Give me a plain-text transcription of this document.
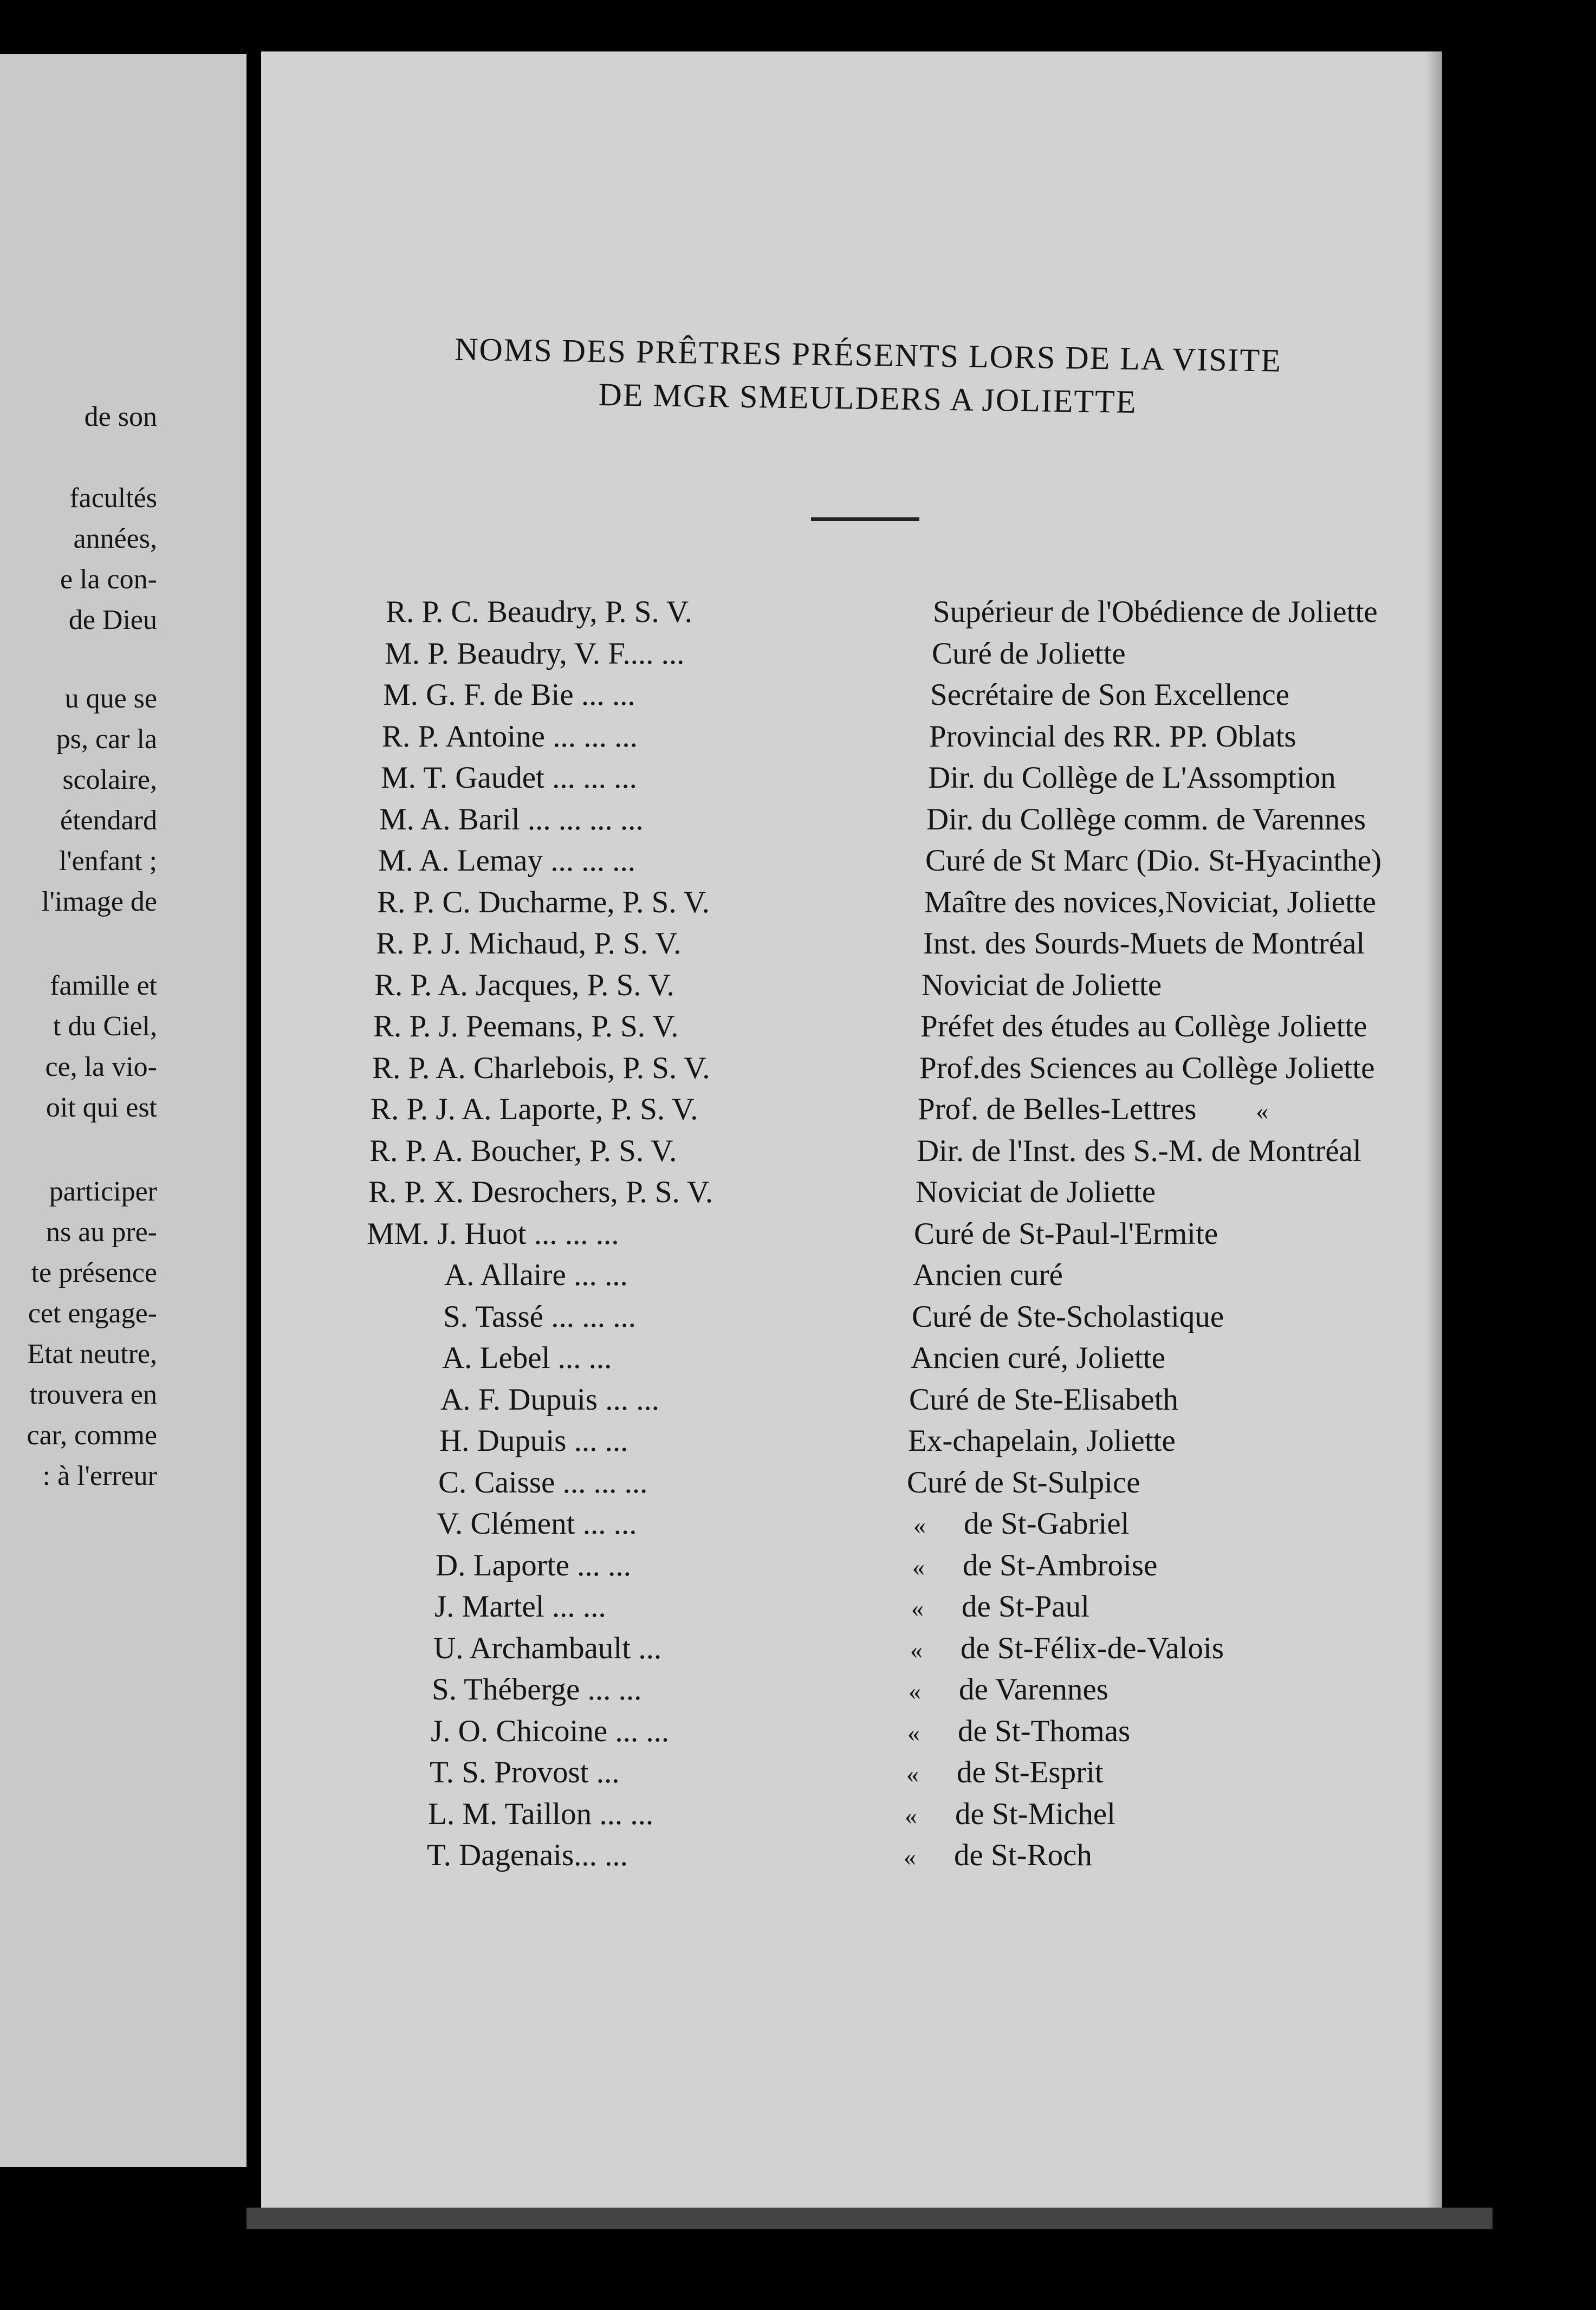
de son
facultés
années,
e la con-
de Dieu
u que se
ps, car la
scolaire,
étendard
l'enfant ;
l'image de
famille et
t du Ciel,
ce, la vio-
oit qui est
participer
ns au pre-
te présence
cet engage-
Etat neutre,
trouvera en
car, comme
: à l'erreur
NOMS DES PRÊTRES PRÉSENTS LORS DE LA VISITE
DE MGR SMEULDERS A JOLIETTE
R. P. C. Beaudry, P. S. V.	Supérieur de l'Obédience de Joliette
M. P. Beaudry, V. F.... ...	Curé de Joliette
M. G. F. de Bie ... ...	Secrétaire de Son Excellence
R. P. Antoine ... ... ...	Provincial des RR. PP. Oblats
M. T. Gaudet ... ... ...	Dir. du Collège de L'Assomption
M. A. Baril ... ... ... ...	Dir. du Collège comm. de Varennes
M. A. Lemay ... ... ...	Curé de St Marc (Dio. St-Hyacinthe)
R. P. C. Ducharme, P. S. V.	Maître des novices,Noviciat, Joliette
R. P. J. Michaud, P. S. V.	Inst. des Sourds-Muets de Montréal
R. P. A. Jacques, P. S. V.	Noviciat de Joliette
R. P. J. Peemans, P. S. V.	Préfet des études au Collège Joliette
R. P. A. Charlebois, P. S. V.	Prof.des Sciences au Collège Joliette
R. P. J. A. Laporte, P. S. V.	Prof. de Belles-Lettres «
R. P. A. Boucher, P. S. V.	Dir. de l'Inst. des S.-M. de Montréal
R. P. X. Desrochers, P. S. V.	Noviciat de Joliette
MM. J. Huot ... ... ...	Curé de St-Paul-l'Ermite
A. Allaire ... ...	Ancien curé
S. Tassé ... ... ...	Curé de Ste-Scholastique
A. Lebel ... ...	Ancien curé, Joliette
A. F. Dupuis ... ...	Curé de Ste-Elisabeth
H. Dupuis ... ...	Ex-chapelain, Joliette
C. Caisse ... ... ...	Curé de St-Sulpice
V. Clément ... ...	« de St-Gabriel
D. Laporte ... ...	« de St-Ambroise
J. Martel ... ...	« de St-Paul
U. Archambault ...	« de St-Félix-de-Valois
S. Théberge ... ...	« de Varennes
J. O. Chicoine ... ...	« de St-Thomas
T. S. Provost ...	« de St-Esprit
L. M. Taillon ... ...	« de St-Michel
T. Dagenais... ...	« de St-Roch
